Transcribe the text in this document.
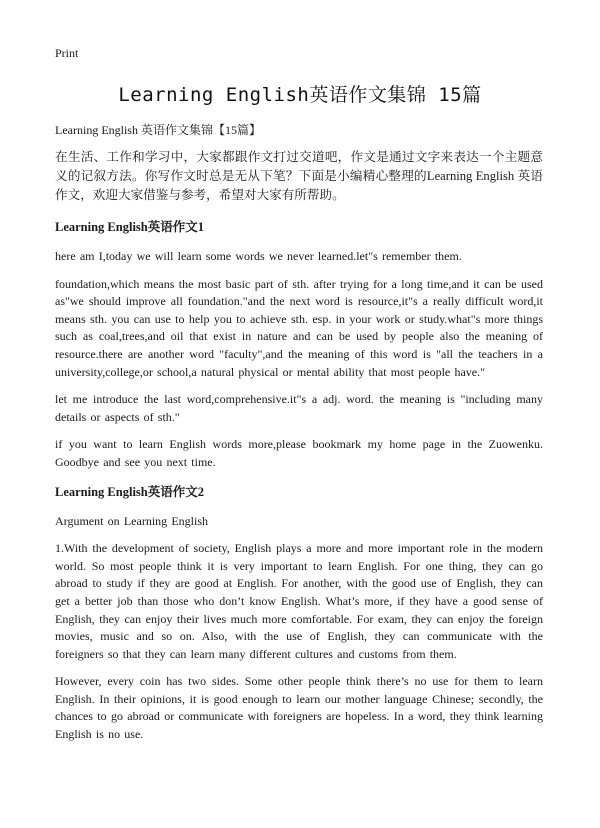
Print
Learning English英语作文集锦 15篇

Learning English 英语作文集锦【15篇】

在生活、工作和学习中，大家都跟作文打过交道吧，作文是通过文字来表达一个主题意义的记叙方法。你写作文时总是无从下笔？下面是小编精心整理的Learning English 英语作文，欢迎大家借鉴与参考，希望对大家有所帮助。

Learning English英语作文1

here am I,today we will learn some words we never learned.let"s remember them.

foundation,which means the most basic part of sth. after trying for a long time,and it can be used as"we should improve all foundation."and the next word is resource,it"s a really difficult word,it means sth. you can use to help you to achieve sth. esp. in your work or study.what"s more things such as coal,trees,and oil that exist in nature and can be used by people also the meaning of resource.there are another word "faculty",and the meaning of this word is "all the teachers in a university,college,or school,a natural physical or mental ability that most people have."

let me introduce the last word,comprehensive.it"s a adj. word. the meaning is "including many details or aspects of sth."

if you want to learn English words more,please bookmark my home page in the Zuowenku. Goodbye and see you next time.

Learning English英语作文2

Argument on Learning English

1.With the development of society, English plays a more and more important role in the modern world. So most people think it is very important to learn English. For one thing, they can go abroad to study if they are good at English. For another, with the good use of English, they can get a better job than those who don’t know English. What’s more, if they have a good sense of English, they can enjoy their lives much more comfortable. For exam, they can enjoy the foreign movies, music and so on. Also, with the use of English, they can communicate with the foreigners so that they can learn many different cultures and customs from them.

However, every coin has two sides. Some other people think there’s no use for them to learn English. In their opinions, it is good enough to learn our mother language Chinese; secondly, the chances to go abroad or communicate with foreigners are hopeless. In a word, they think learning English is no use.
